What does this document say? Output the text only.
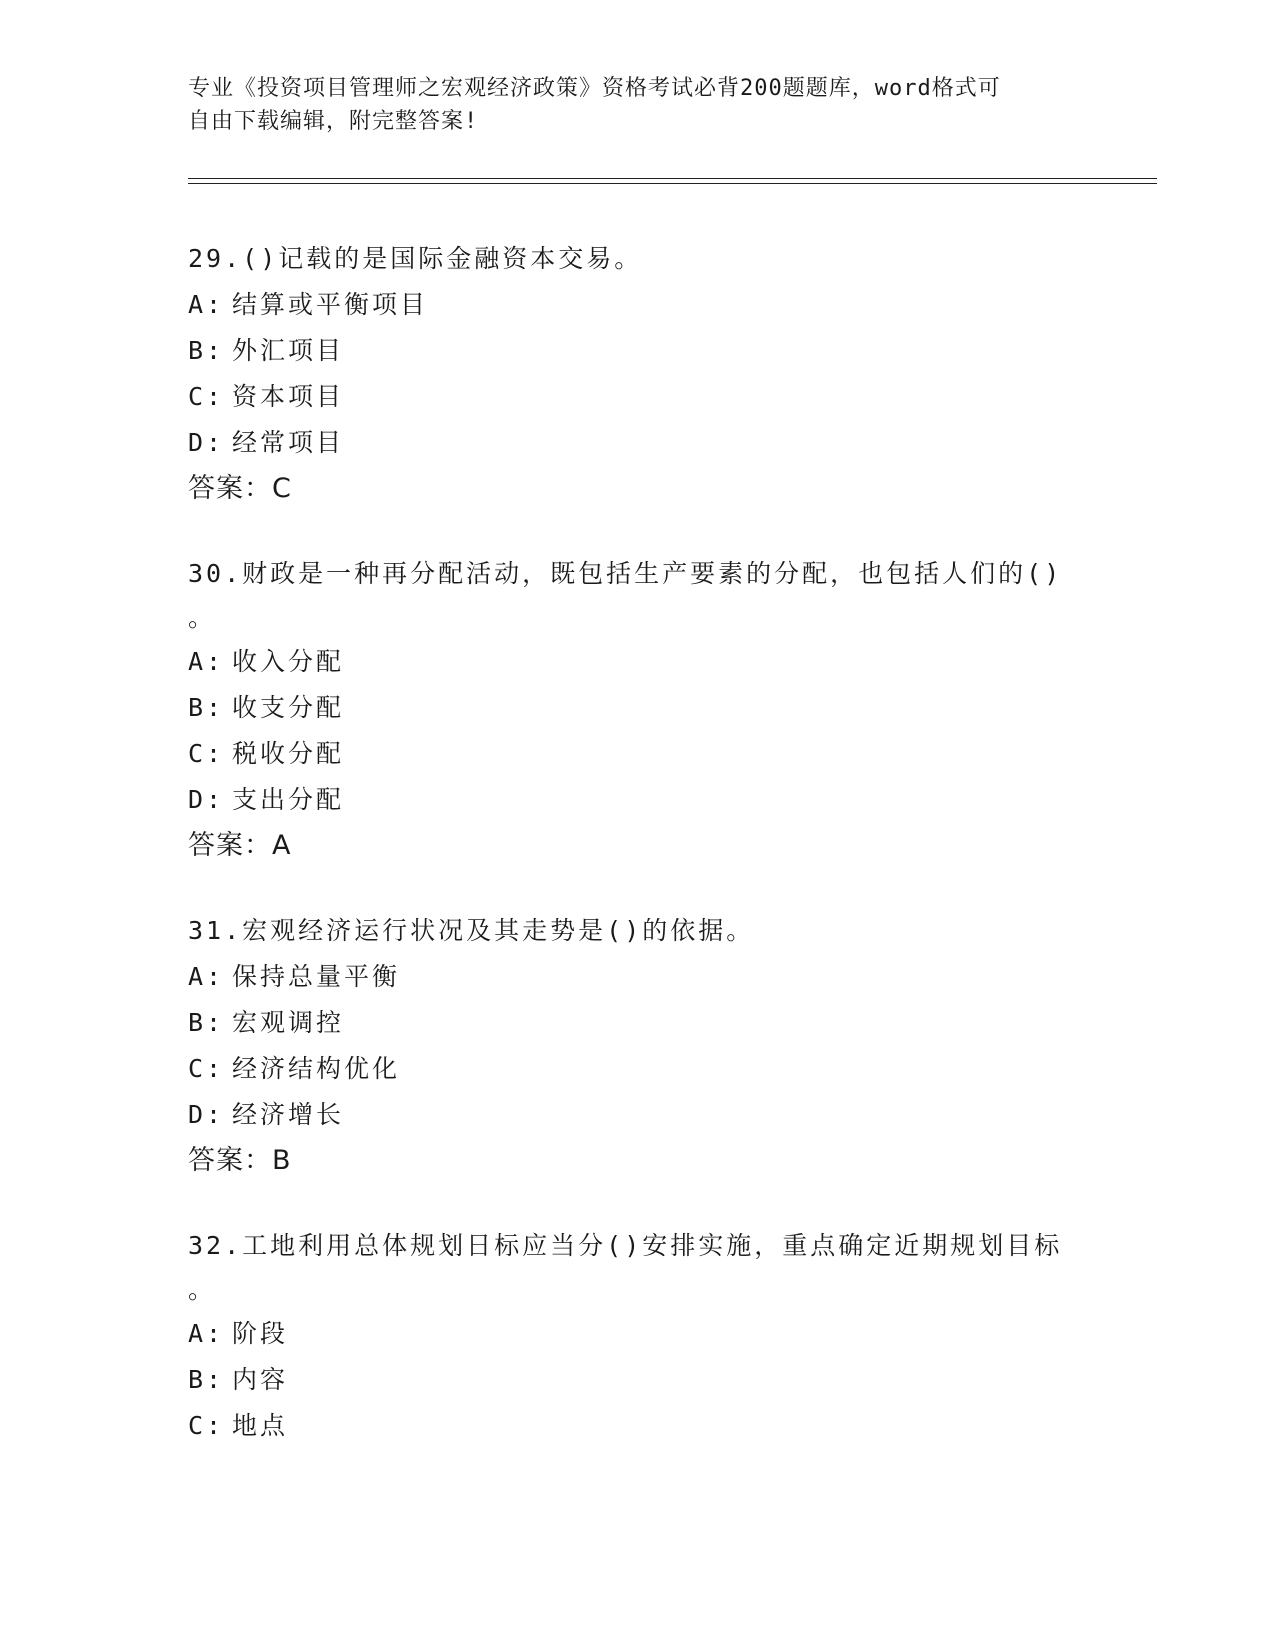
专业《投资项目管理师之宏观经济政策》资格考试必背200题题库，word格式可
自由下载编辑，附完整答案!

29.()记载的是国际金融资本交易。

A: 结算或平衡项目
B: 外汇项目
C: 资本项目
D: 经常项目

答案：C

30.财政是一种再分配活动，既包括生产要素的分配，也包括人们的()

。

A: 收入分配
B: 收支分配
C: 税收分配
D: 支出分配

答案：A

31.宏观经济运行状况及其走势是()的依据。

A: 保持总量平衡
B: 宏观调控
C: 经济结构优化
D: 经济增长

答案：B

32.工地利用总体规划日标应当分()安排实施，重点确定近期规划目标

。

A: 阶段
B: 内容
C: 地点
